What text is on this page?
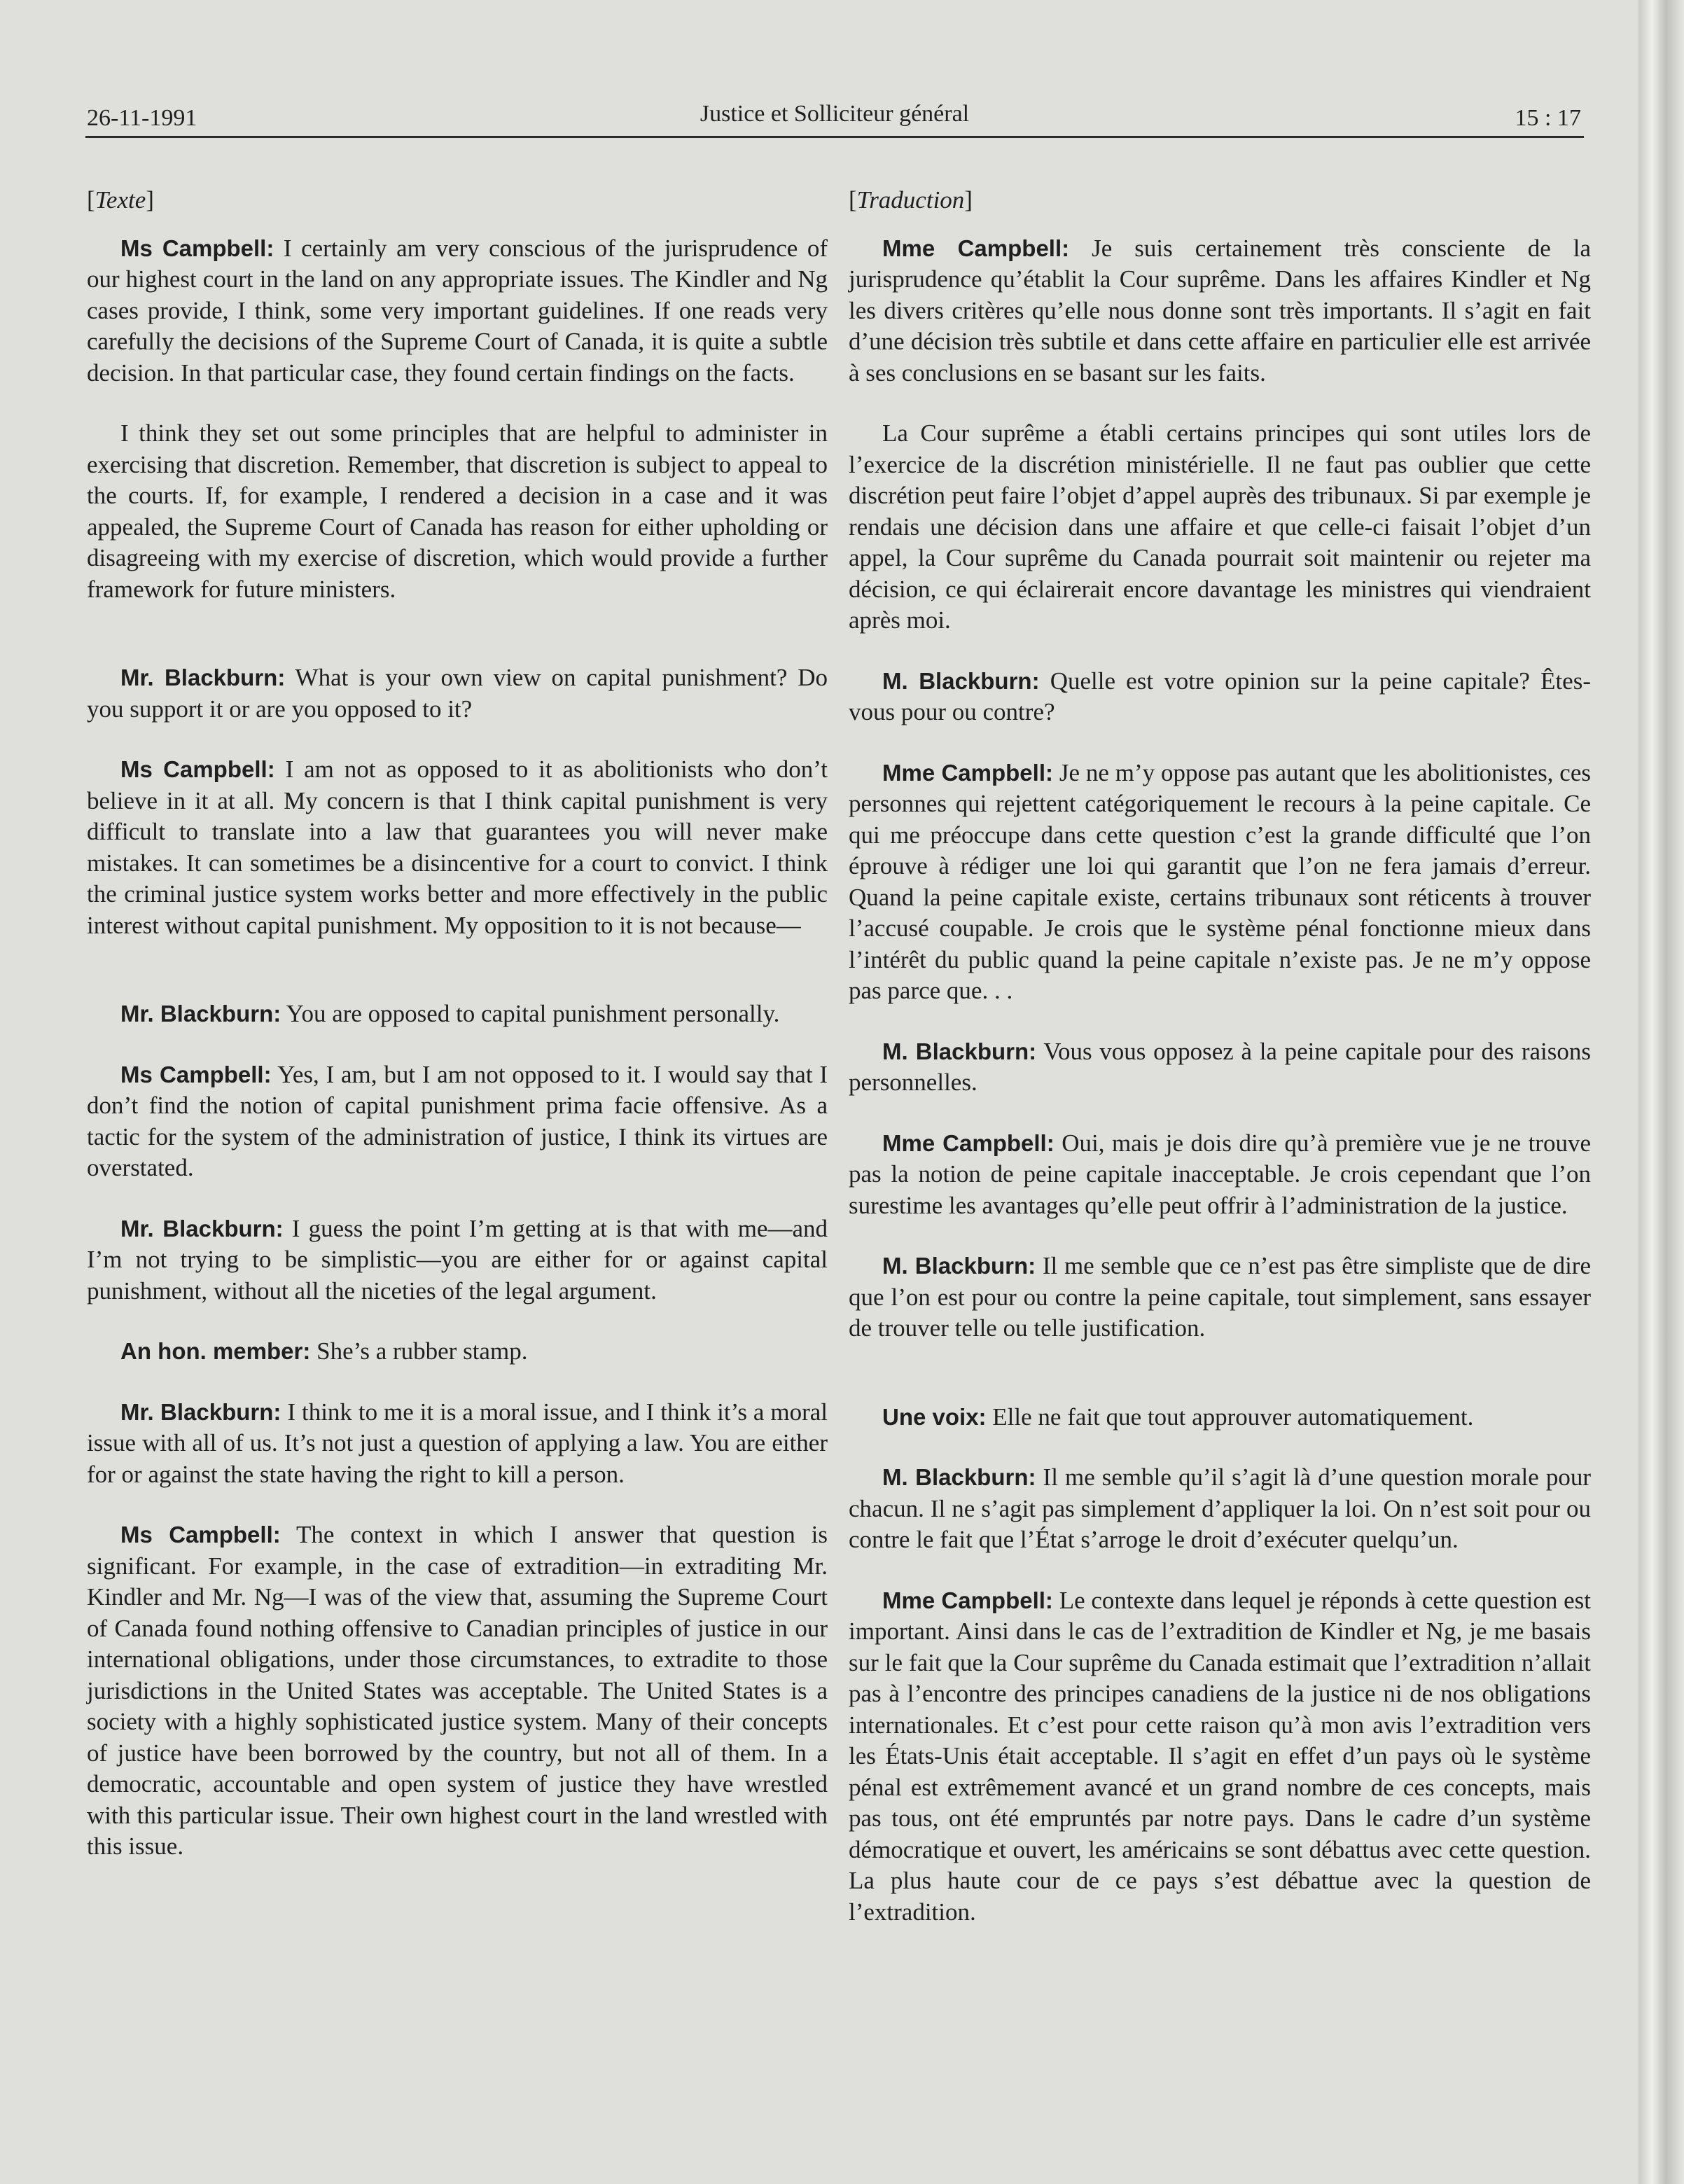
26-11-1991	Justice et Solliciteur général	15 : 17
[Texte]

Ms Campbell: I certainly am very conscious of the jurisprudence of our highest court in the land on any appropriate issues. The Kindler and Ng cases provide, I think, some very important guidelines. If one reads very carefully the decisions of the Supreme Court of Canada, it is quite a subtle decision. In that particular case, they found certain findings on the facts.

I think they set out some principles that are helpful to administer in exercising that discretion. Remember, that discretion is subject to appeal to the courts. If, for example, I rendered a decision in a case and it was appealed, the Supreme Court of Canada has reason for either upholding or disagreeing with my exercise of discretion, which would provide a further framework for future ministers.

Mr. Blackburn: What is your own view on capital punishment? Do you support it or are you opposed to it?

Ms Campbell: I am not as opposed to it as abolitionists who don’t believe in it at all. My concern is that I think capital punishment is very difficult to translate into a law that guarantees you will never make mistakes. It can sometimes be a disincentive for a court to convict. I think the criminal justice system works better and more effectively in the public interest without capital punishment. My opposition to it is not because—

Mr. Blackburn: You are opposed to capital punishment personally.

Ms Campbell: Yes, I am, but I am not opposed to it. I would say that I don’t find the notion of capital punishment prima facie offensive. As a tactic for the system of the administration of justice, I think its virtues are overstated.

Mr. Blackburn: I guess the point I’m getting at is that with me—and I’m not trying to be simplistic—you are either for or against capital punishment, without all the niceties of the legal argument.

An hon. member: She’s a rubber stamp.

Mr. Blackburn: I think to me it is a moral issue, and I think it’s a moral issue with all of us. It’s not just a question of applying a law. You are either for or against the state having the right to kill a person.

Ms Campbell: The context in which I answer that question is significant. For example, in the case of extradition—in extraditing Mr. Kindler and Mr. Ng—I was of the view that, assuming the Supreme Court of Canada found nothing offensive to Canadian principles of justice in our international obligations, under those circumstances, to extradite to those jurisdictions in the United States was acceptable. The United States is a society with a highly sophisticated justice system. Many of their concepts of justice have been borrowed by the country, but not all of them. In a democratic, accountable and open system of justice they have wrestled with this particular issue. Their own highest court in the land wrestled with this issue.

[Traduction]

Mme Campbell: Je suis certainement très consciente de la jurisprudence qu’établit la Cour suprême. Dans les affaires Kindler et Ng les divers critères qu’elle nous donne sont très importants. Il s’agit en fait d’une décision très subtile et dans cette affaire en particulier elle est arrivée à ses conclusions en se basant sur les faits.

La Cour suprême a établi certains principes qui sont utiles lors de l’exercice de la discrétion ministérielle. Il ne faut pas oublier que cette discrétion peut faire l’objet d’appel auprès des tribunaux. Si par exemple je rendais une décision dans une affaire et que celle-ci faisait l’objet d’un appel, la Cour suprême du Canada pourrait soit maintenir ou rejeter ma décision, ce qui éclairerait encore davantage les ministres qui viendraient après moi.

M. Blackburn: Quelle est votre opinion sur la peine capitale? Êtes-vous pour ou contre?

Mme Campbell: Je ne m’y oppose pas autant que les abolitionistes, ces personnes qui rejettent catégoriquement le recours à la peine capitale. Ce qui me préoccupe dans cette question c’est la grande difficulté que l’on éprouve à rédiger une loi qui garantit que l’on ne fera jamais d’erreur. Quand la peine capitale existe, certains tribunaux sont réticents à trouver l’accusé coupable. Je crois que le système pénal fonctionne mieux dans l’intérêt du public quand la peine capitale n’existe pas. Je ne m’y oppose pas parce que. . .

M. Blackburn: Vous vous opposez à la peine capitale pour des raisons personnelles.

Mme Campbell: Oui, mais je dois dire qu’à première vue je ne trouve pas la notion de peine capitale inacceptable. Je crois cependant que l’on surestime les avantages qu’elle peut offrir à l’administration de la justice.

M. Blackburn: Il me semble que ce n’est pas être simpliste que de dire que l’on est pour ou contre la peine capitale, tout simplement, sans essayer de trouver telle ou telle justification.

Une voix: Elle ne fait que tout approuver automatiquement.

M. Blackburn: Il me semble qu’il s’agit là d’une question morale pour chacun. Il ne s’agit pas simplement d’appliquer la loi. On n’est soit pour ou contre le fait que l’État s’arroge le droit d’exécuter quelqu’un.

Mme Campbell: Le contexte dans lequel je réponds à cette question est important. Ainsi dans le cas de l’extradition de Kindler et Ng, je me basais sur le fait que la Cour suprême du Canada estimait que l’extradition n’allait pas à l’encontre des principes canadiens de la justice ni de nos obligations internationales. Et c’est pour cette raison qu’à mon avis l’extradition vers les États-Unis était acceptable. Il s’agit en effet d’un pays où le système pénal est extrêmement avancé et un grand nombre de ces concepts, mais pas tous, ont été empruntés par notre pays. Dans le cadre d’un système démocratique et ouvert, les américains se sont débattus avec cette question. La plus haute cour de ce pays s’est débattue avec la question de l’extradition.
